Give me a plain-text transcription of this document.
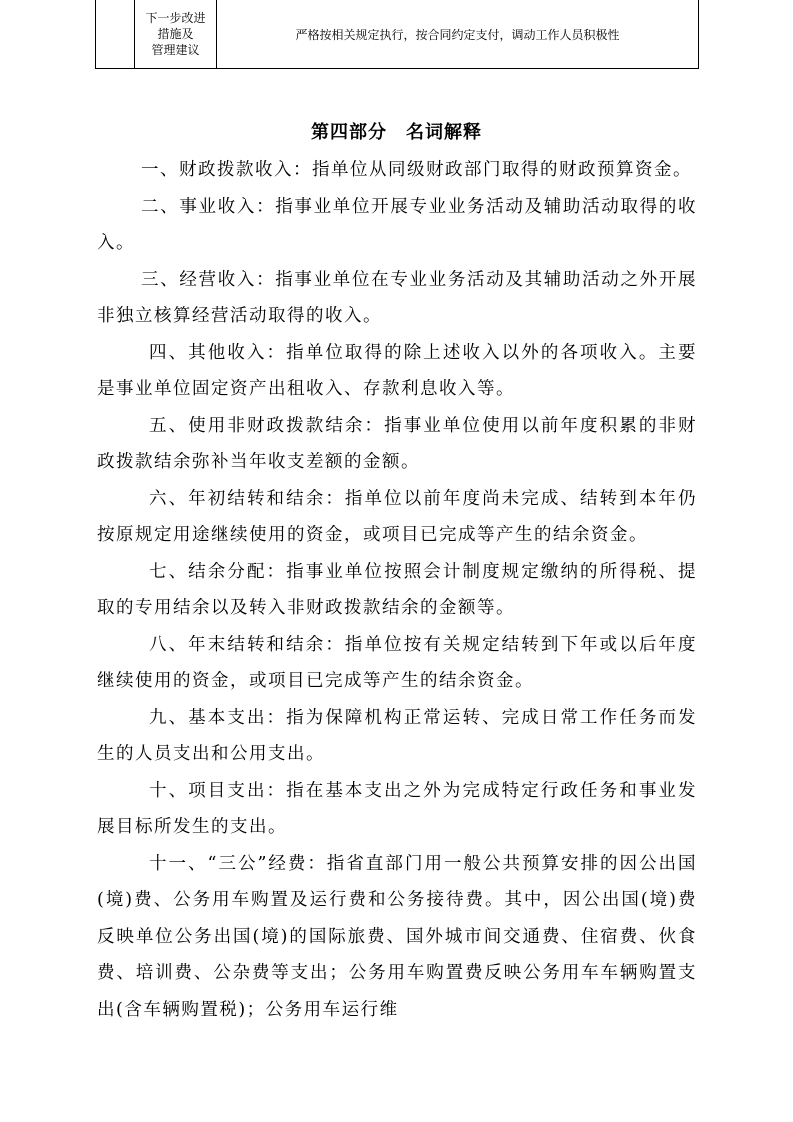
下一步改进
措施及
管理建议
严格按相关规定执行，按合同约定支付，调动工作人员积极性
第四部分　名词解释

一、财政拨款收入：指单位从同级财政部门取得的财政预算资金。

二、事业收入：指事业单位开展专业业务活动及辅助活动取得的收入。

三、经营收入：指事业单位在专业业务活动及其辅助活动之外开展非独立核算经营活动取得的收入。

四、其他收入：指单位取得的除上述收入以外的各项收入。主要是事业单位固定资产出租收入、存款利息收入等。

五、使用非财政拨款结余：指事业单位使用以前年度积累的非财政拨款结余弥补当年收支差额的金额。

六、年初结转和结余：指单位以前年度尚未完成、结转到本年仍按原规定用途继续使用的资金，或项目已完成等产生的结余资金。

七、结余分配：指事业单位按照会计制度规定缴纳的所得税、提取的专用结余以及转入非财政拨款结余的金额等。

八、年末结转和结余：指单位按有关规定结转到下年或以后年度继续使用的资金，或项目已完成等产生的结余资金。

九、基本支出：指为保障机构正常运转、完成日常工作任务而发生的人员支出和公用支出。

十、项目支出：指在基本支出之外为完成特定行政任务和事业发展目标所发生的支出。

十一、“三公”经费：指省直部门用一般公共预算安排的因公出国(境)费、公务用车购置及运行费和公务接待费。其中，因公出国(境)费反映单位公务出国(境)的国际旅费、国外城市间交通费、住宿费、伙食费、培训费、公杂费等支出；公务用车购置费反映公务用车车辆购置支出(含车辆购置税)；公务用车运行维
